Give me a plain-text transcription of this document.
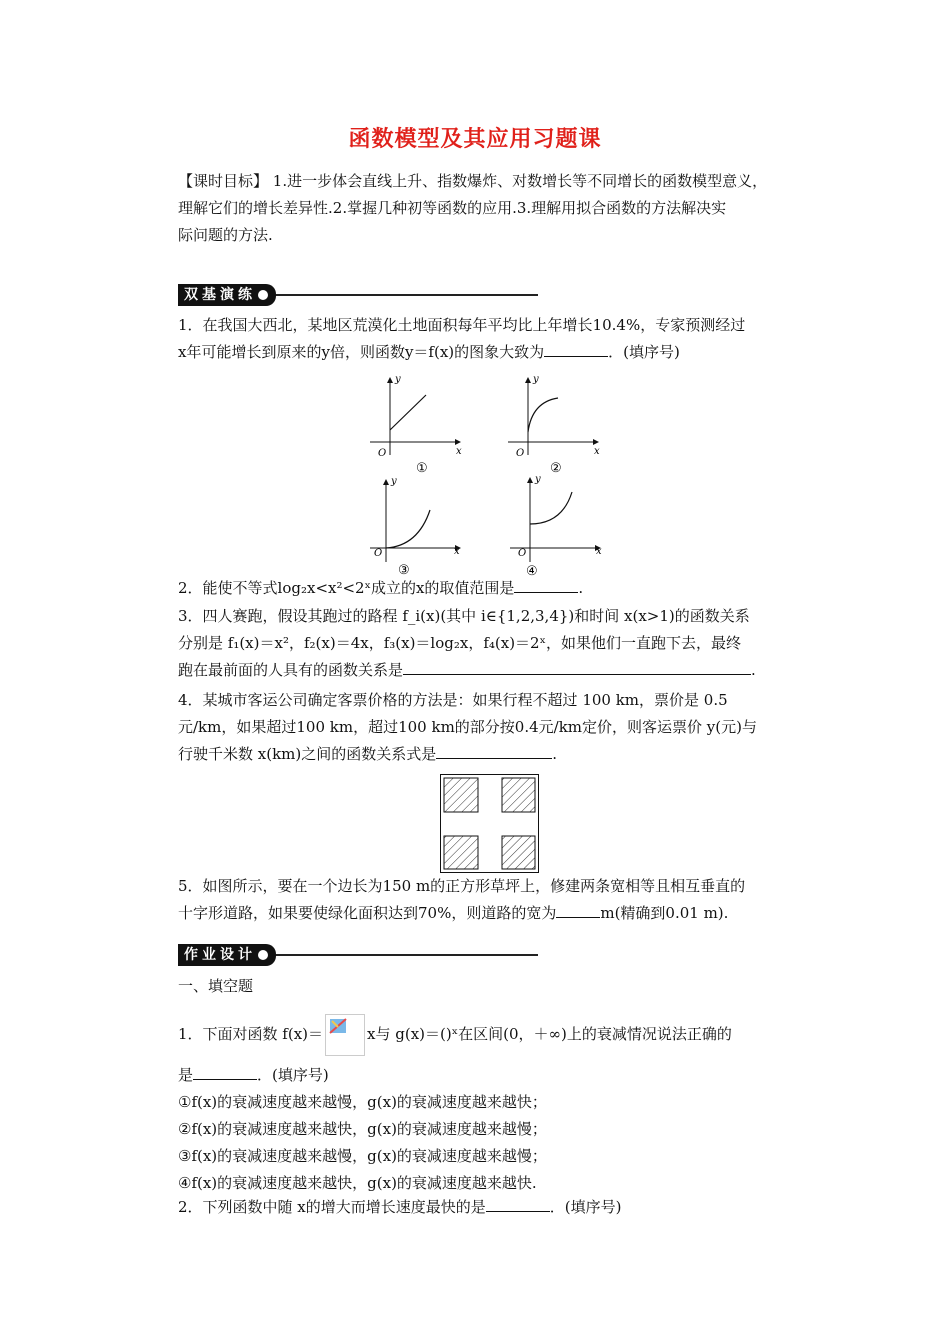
函数模型及其应用习题课
【课时目标】 1.进一步体会直线上升、指数爆炸、对数增长等不同增长的函数模型意义，
理解它们的增长差异性.2.掌握几种初等函数的应用.3.理解用拟合函数的方法解决实
际问题的方法.
双基演练
1．在我国大西北，某地区荒漠化土地面积每年平均比上年增长10.4%，专家预测经过
x年可能增长到原来的y倍，则函数y＝f(x)的图象大致为	．(填序号)
y
x
O
①
y
x
O
②
y
x
O
③
y
x
O
④
2．能使不等式log₂x<x²<2ˣ成立的x的取值范围是	.
3．四人赛跑，假设其跑过的路程 f_i(x)(其中 i∈{1,2,3,4})和时间 x(x>1)的函数关系
分别是 f₁(x)＝x²，f₂(x)＝4x，f₃(x)＝log₂x，f₄(x)＝2ˣ，如果他们一直跑下去，最终
跑在最前面的人具有的函数关系是	.
4．某城市客运公司确定客票价格的方法是：如果行程不超过 100 km，票价是 0.5
元/km，如果超过100 km，超过100 km的部分按0.4元/km定价，则客运票价 y(元)与
行驶千米数 x(km)之间的函数关系式是	.
5．如图所示，要在一个边长为150 m的正方形草坪上，修建两条宽相等且相互垂直的
十字形道路，如果要使绿化面积达到70%，则道路的宽为	m(精确到0.01 m).
作业设计
一、填空题
1．下面对函数 f(x)＝	x与 g(x)＝()ˣ在区间(0，＋∞)上的衰减情况说法正确的
是	．(填序号)
①f(x)的衰减速度越来越慢，g(x)的衰减速度越来越快；
②f(x)的衰减速度越来越快，g(x)的衰减速度越来越慢；
③f(x)的衰减速度越来越慢，g(x)的衰减速度越来越慢；
④f(x)的衰减速度越来越快，g(x)的衰减速度越来越快.
2．下列函数中随 x的增大而增长速度最快的是	．(填序号)
